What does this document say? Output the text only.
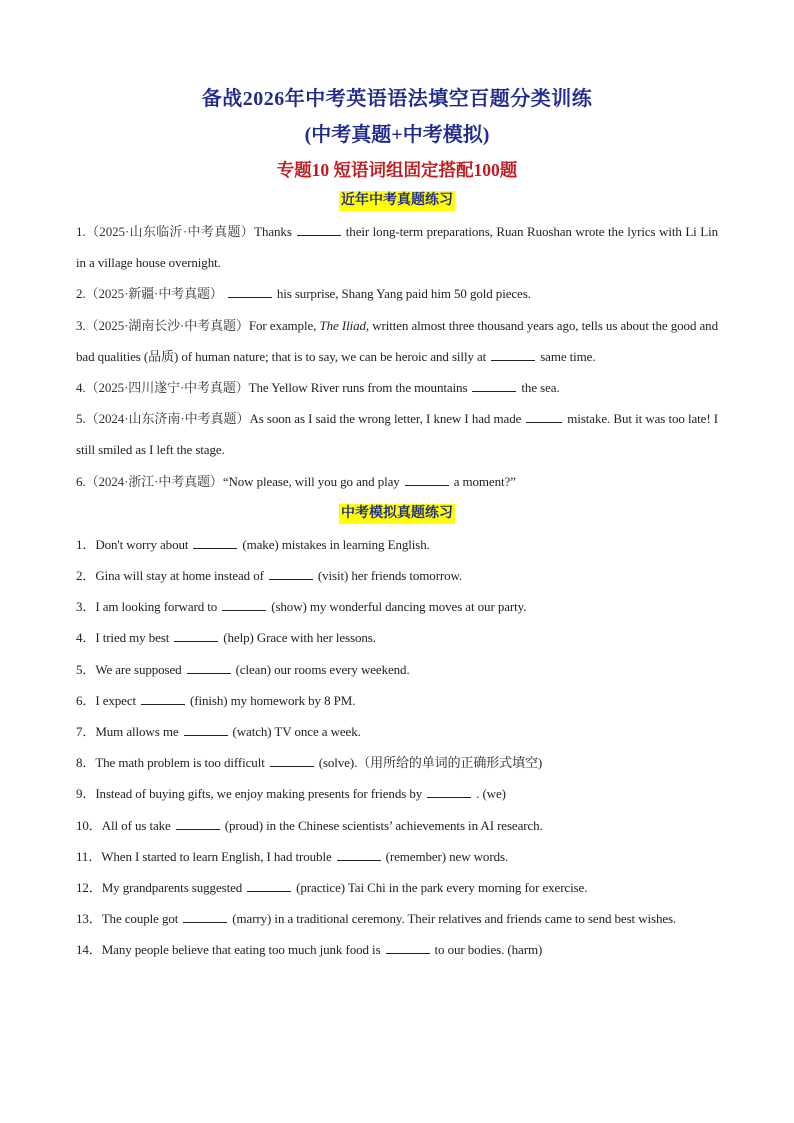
备战2026年中考英语语法填空百题分类训练
(中考真题+中考模拟)
专题10 短语词组固定搭配100题
近年中考真题练习
1.（2025·山东临沂·中考真题）Thanks	their long-term preparations, Ruan Ruoshan wrote the lyrics with Li Lin in a village house overnight.
2.（2025·新疆·中考真题）	his surprise, Shang Yang paid him 50 gold pieces.
3.（2025·湖南长沙·中考真题）For example, The Iliad, written almost three thousand years ago, tells us about the good and bad qualities (品质) of human nature; that is to say, we can be heroic and silly at	same time.
4.（2025·四川遂宁·中考真题）The Yellow River runs from the mountains	the sea.
5.（2024·山东济南·中考真题）As soon as I said the wrong letter, I knew I had made	mistake. But it was too late! I still smiled as I left the stage.
6.（2024·浙江·中考真题）“Now please, will you go and play	a moment?”
中考模拟真题练习
1．Don't worry about	(make) mistakes in learning English.
2．Gina will stay at home instead of	(visit) her friends tomorrow.
3．I am looking forward to	(show) my wonderful dancing moves at our party.
4．I tried my best	(help) Grace with her lessons.
5．We are supposed	(clean) our rooms every weekend.
6．I expect	(finish) my homework by 8 PM.
7．Mum allows me	(watch) TV once a week.
8．The math problem is too difficult	(solve).（用所给的单词的正确形式填空)
9．Instead of buying gifts, we enjoy making presents for friends by	. (we)
10．All of us take	(proud) in the Chinese scientists’ achievements in AI research.
11．When I started to learn English, I had trouble	(remember) new words.
12．My grandparents suggested	(practice) Tai Chi in the park every morning for exercise.
13．The couple got	(marry) in a traditional ceremony. Their relatives and friends came to send best wishes.
14．Many people believe that eating too much junk food is	to our bodies. (harm)
